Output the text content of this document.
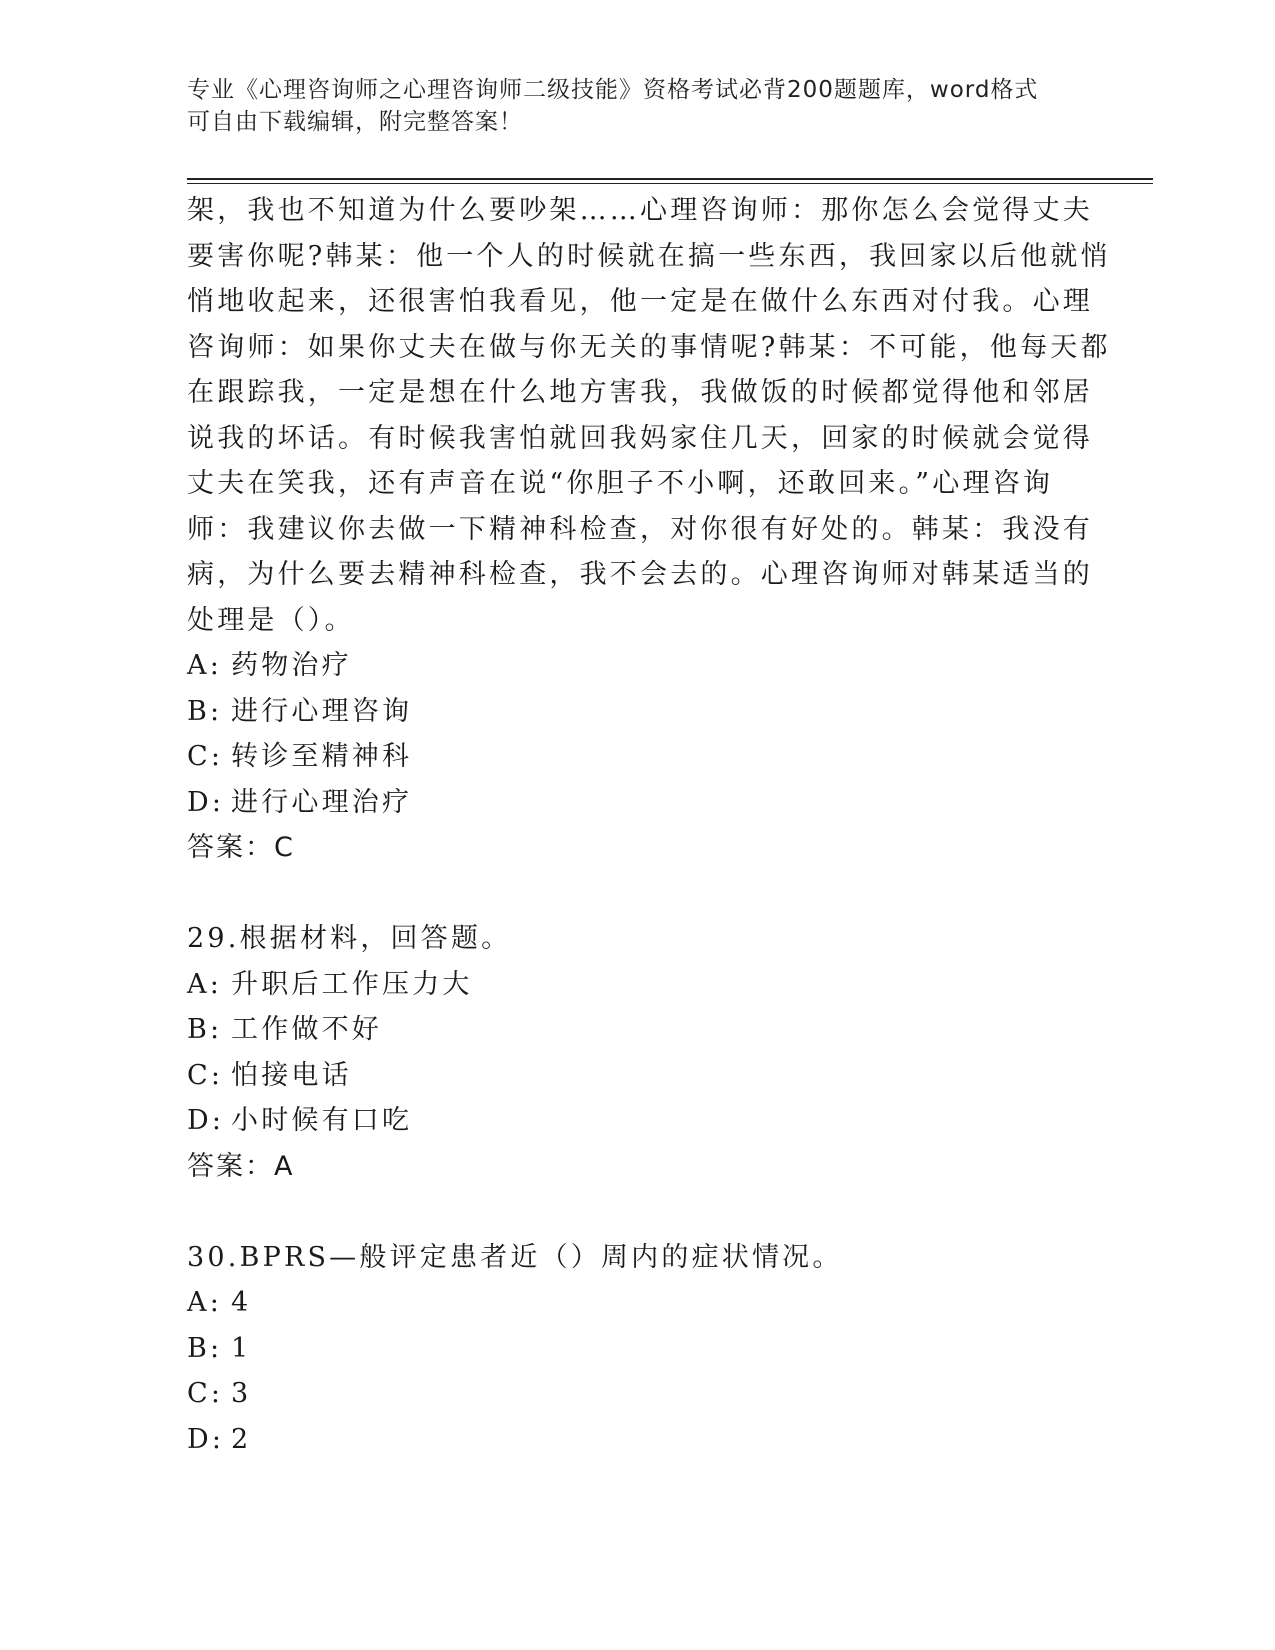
专业《心理咨询师之心理咨询师二级技能》资格考试必背200题题库，word格式
可自由下载编辑，附完整答案！

架，我也不知道为什么要吵架……心理咨询师：那你怎么会觉得丈夫

要害你呢?韩某：他一个人的时候就在搞一些东西，我回家以后他就悄

悄地收起来，还很害怕我看见，他一定是在做什么东西对付我。心理

咨询师：如果你丈夫在做与你无关的事情呢?韩某：不可能，他每天都

在跟踪我，一定是想在什么地方害我，我做饭的时候都觉得他和邻居

说我的坏话。有时候我害怕就回我妈家住几天，回家的时候就会觉得

丈夫在笑我，还有声音在说“你胆子不小啊，还敢回来。”心理咨询

师：我建议你去做一下精神科检查，对你很有好处的。韩某：我没有

病，为什么要去精神科检查，我不会去的。心理咨询师对韩某适当的

处理是（）。

A: 药物治疗

B: 进行心理咨询

C: 转诊至精神科

D: 进行心理治疗

答案：C

29.根据材料，回答题。

A: 升职后工作压力大

B: 工作做不好

C: 怕接电话

D: 小时候有口吃

答案：A

30.BPRS—般评定患者近（）周内的症状情况。

A: 4

B: 1

C: 3

D: 2
